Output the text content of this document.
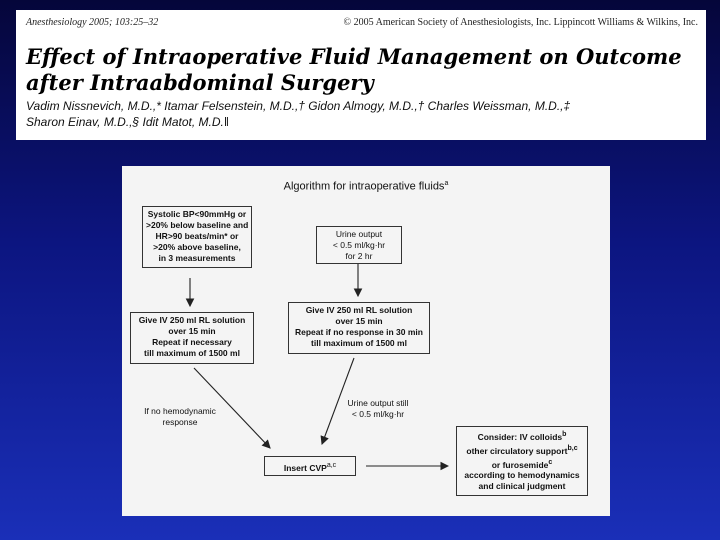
Anesthesiology 2005; 103:25–32	© 2005 American Society of Anesthesiologists, Inc. Lippincott Williams & Wilkins, Inc.
Effect of Intraoperative Fluid Management on Outcome
after Intraabdominal Surgery
Vadim Nissnevich, M.D.,* Itamar Felsenstein, M.D.,† Gidon Almogy, M.D.,† Charles Weissman, M.D.,‡
Sharon Einav, M.D.,§ Idit Matot, M.D.‖
Algorithm for intraoperative fluids$^a$
Systolic BP<90mmHg or
>20% below baseline and
HR>90 beats/min* or
>20% above baseline,
in 3 measurements
Urine output
< 0.5 ml/kg·hr
for 2 hr
Give IV 250 ml RL solution
over 15 min
Repeat if necessary
till maximum of 1500 ml
Give IV 250 ml RL solution
over 15 min
Repeat if no response in 30 min
till maximum of 1500 ml
If no hemodynamic
response
Urine output still
< 0.5 ml/kg·hr
Insert CVP$^{a,c}$
Consider: IV colloids$^b$
other circulatory support$^{b,c}$
or furosemide$^c$
according to hemodynamics
and clinical judgment
